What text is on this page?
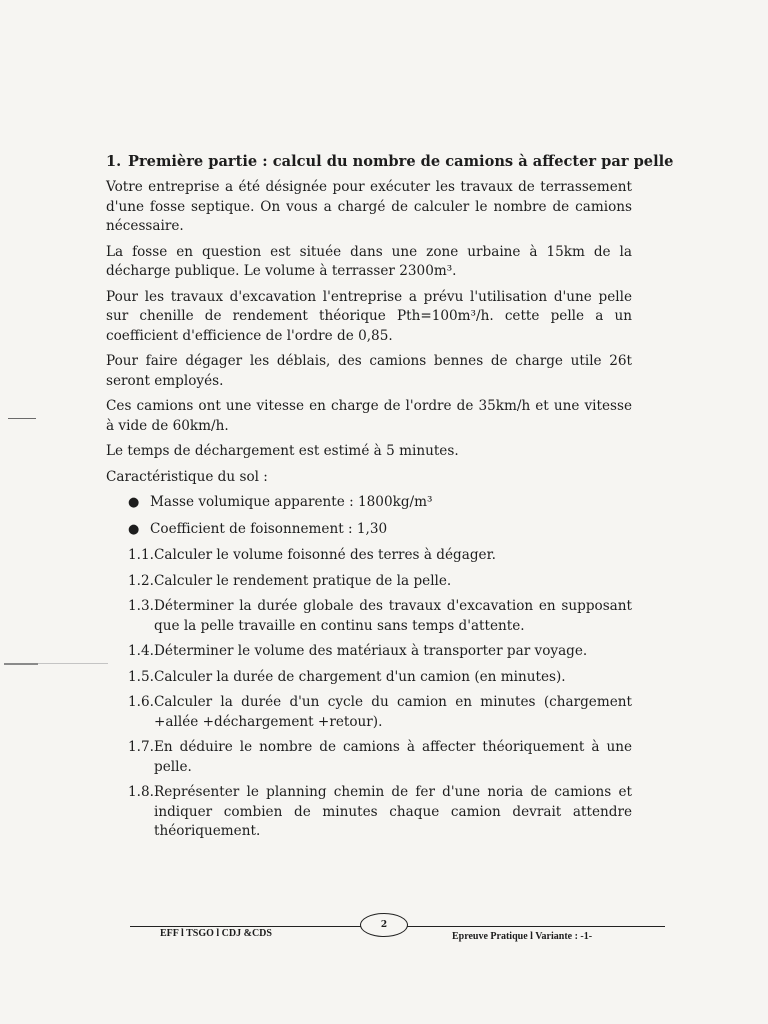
1. Première partie : calcul du nombre de camions à affecter par pelle

Votre entreprise a été désignée pour exécuter les travaux de terrassement d'une fosse septique. On vous a chargé de calculer le nombre de camions nécessaire.

La fosse en question est située dans une zone urbaine à 15km de la décharge publique. Le volume à terrasser 2300m³.

Pour les travaux d'excavation l'entreprise a prévu l'utilisation d'une pelle sur chenille de rendement théorique Pth=100m³/h. cette pelle a un coefficient d'efficience de l'ordre de 0,85.

Pour faire dégager les déblais, des camions bennes de charge utile 26t seront employés.

Ces camions ont une vitesse en charge de l'ordre de 35km/h et une vitesse à vide de 60km/h.

Le temps de déchargement est estimé à 5 minutes.

Caractéristique du sol :

● Masse volumique apparente : 1800kg/m³
● Coefficient de foisonnement : 1,30
1.1. Calculer le volume foisonné des terres à dégager.
1.2. Calculer le rendement pratique de la pelle.
1.3. Déterminer la durée globale des travaux d'excavation en supposant que la pelle travaille en continu sans temps d'attente.
1.4. Déterminer le volume des matériaux à transporter par voyage.
1.5. Calculer la durée de chargement d'un camion (en minutes).
1.6. Calculer la durée d'un cycle du camion en minutes (chargement +allée +déchargement +retour).
1.7. En déduire le nombre de camions à affecter théoriquement à une pelle.
1.8. Représenter le planning chemin de fer d'une noria de camions et indiquer combien de minutes chaque camion devrait attendre théoriquement.
2
EFF l TSGO l CDJ &CDS	Epreuve Pratique l Variante : -1-
